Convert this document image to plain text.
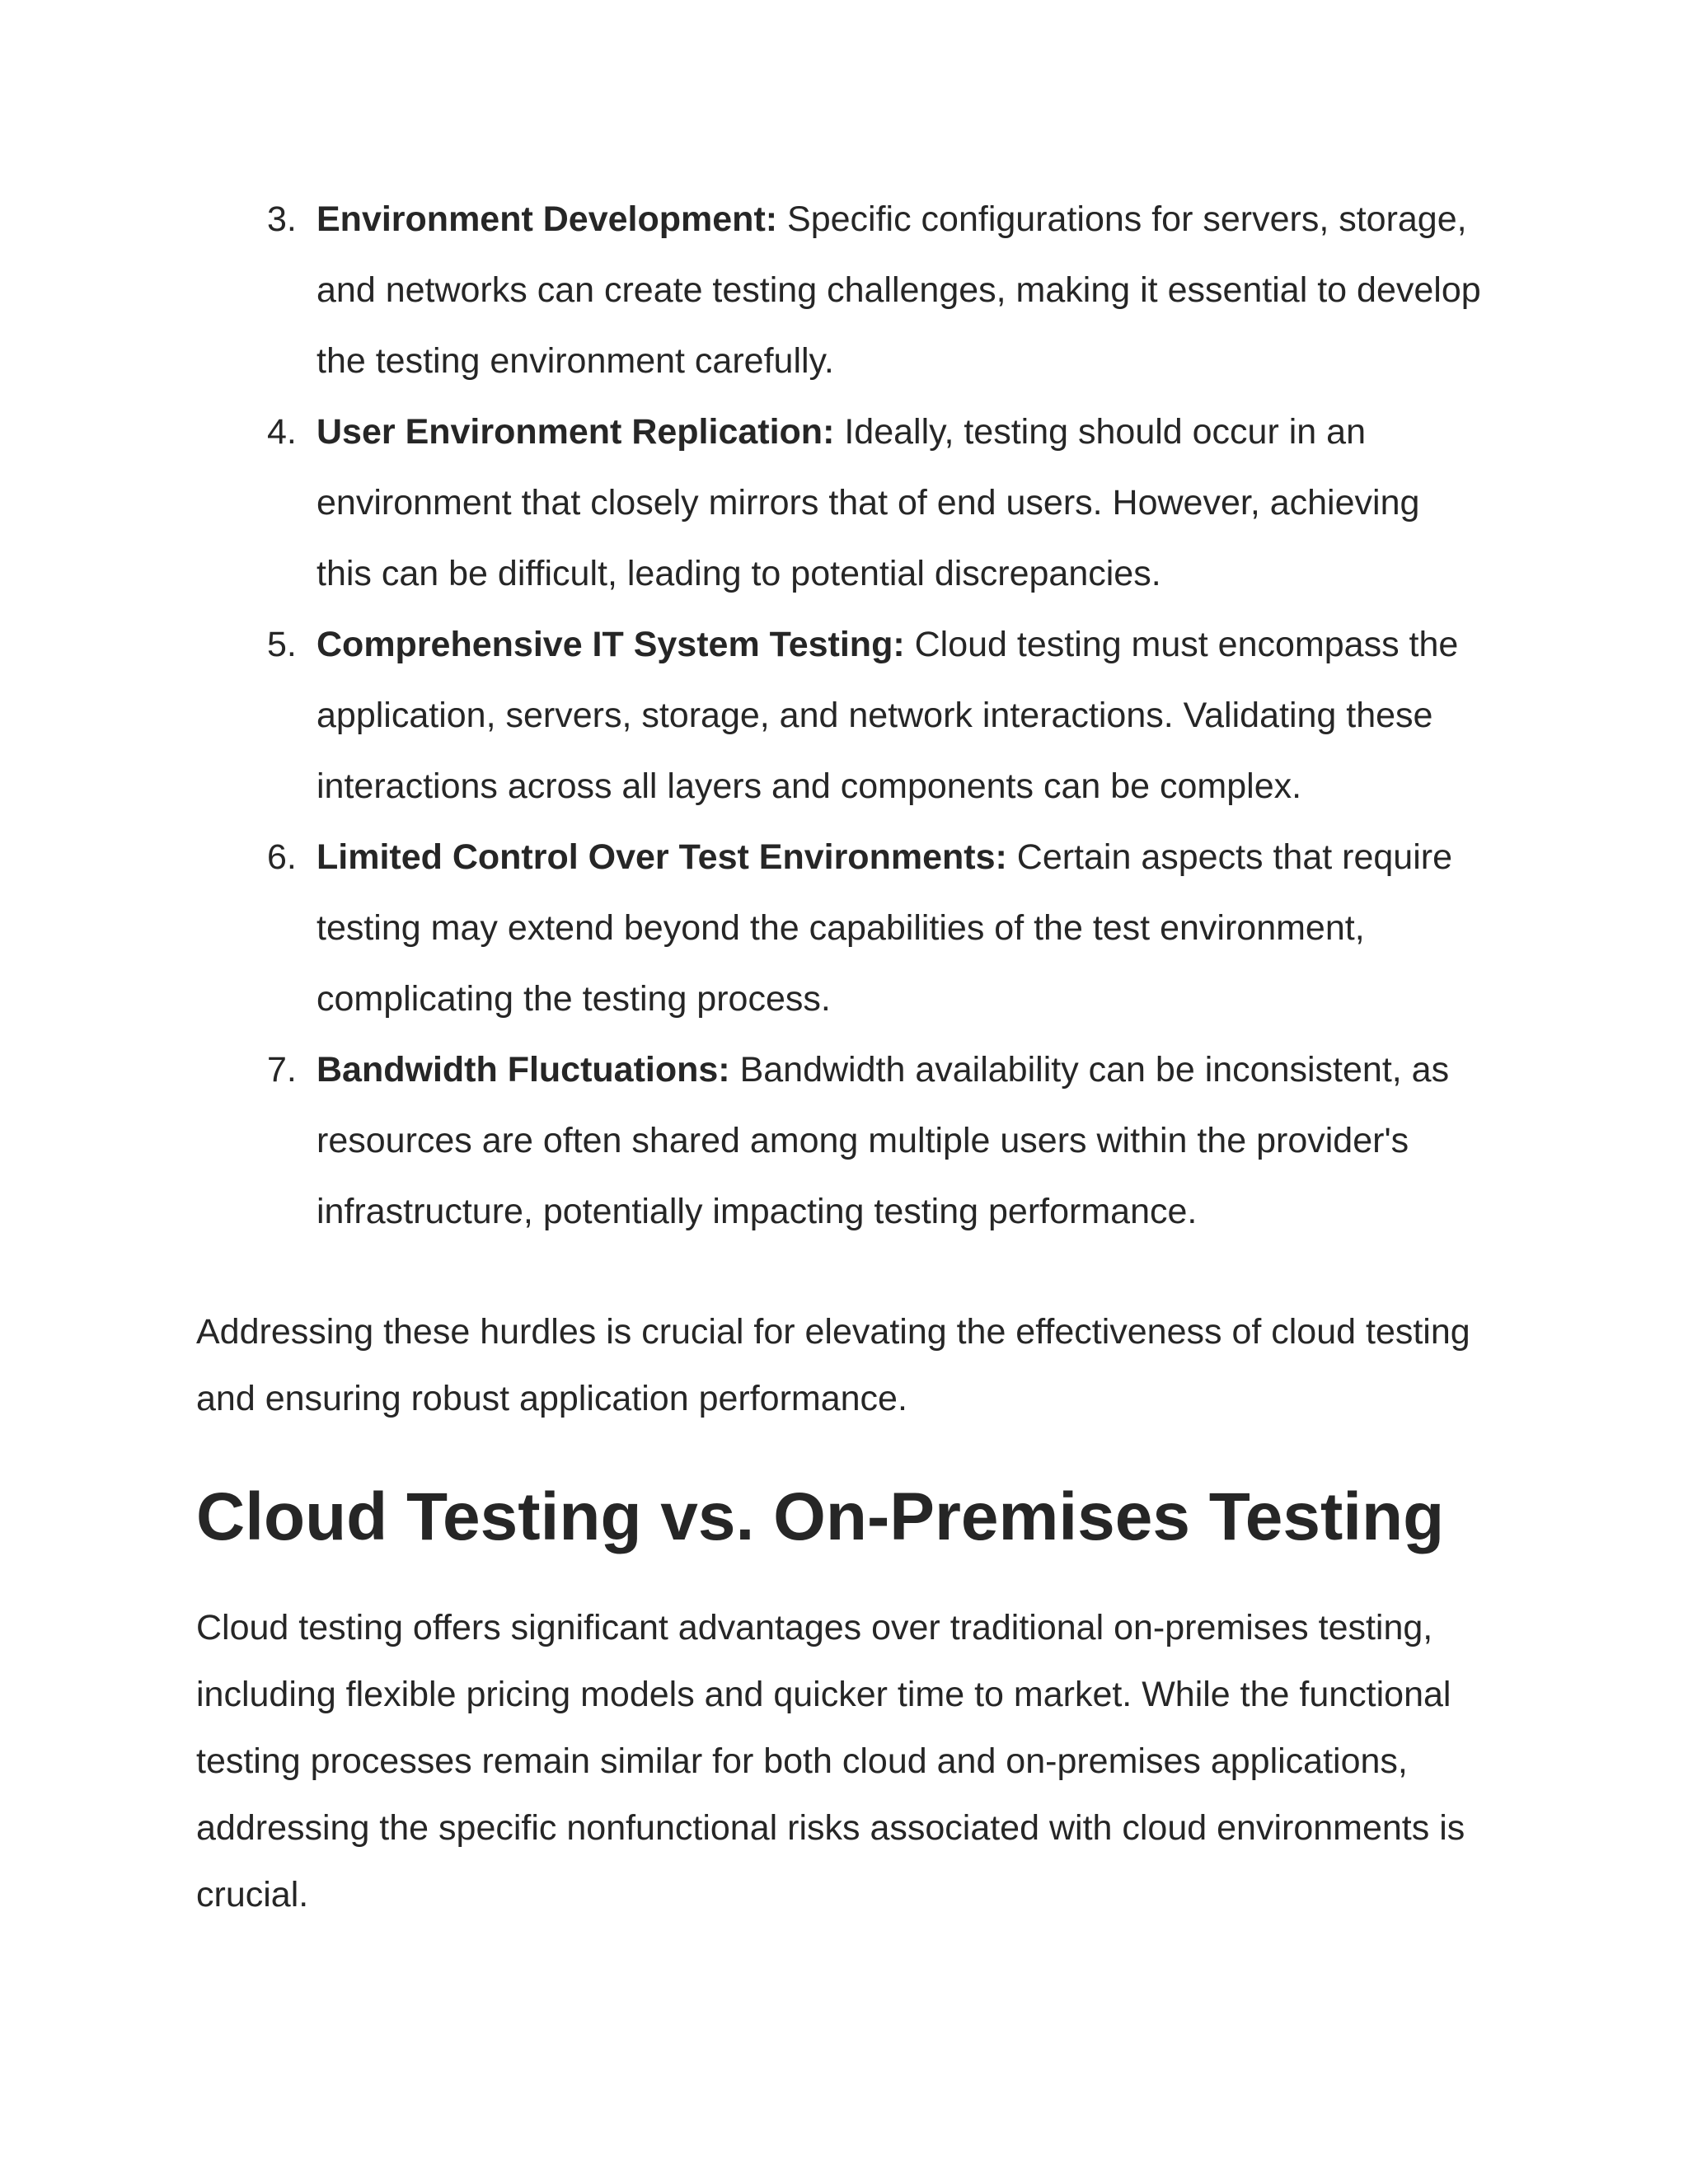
3. Environment Development: Specific configurations for servers, storage, and networks can create testing challenges, making it essential to develop the testing environment carefully.
4. User Environment Replication: Ideally, testing should occur in an environment that closely mirrors that of end users. However, achieving this can be difficult, leading to potential discrepancies.
5. Comprehensive IT System Testing: Cloud testing must encompass the application, servers, storage, and network interactions. Validating these interactions across all layers and components can be complex.
6. Limited Control Over Test Environments: Certain aspects that require testing may extend beyond the capabilities of the test environment, complicating the testing process.
7. Bandwidth Fluctuations: Bandwidth availability can be inconsistent, as resources are often shared among multiple users within the provider's infrastructure, potentially impacting testing performance.

Addressing these hurdles is crucial for elevating the effectiveness of cloud testing and ensuring robust application performance.

Cloud Testing vs. On-Premises Testing

Cloud testing offers significant advantages over traditional on-premises testing, including flexible pricing models and quicker time to market. While the functional testing processes remain similar for both cloud and on-premises applications, addressing the specific nonfunctional risks associated with cloud environments is crucial.
